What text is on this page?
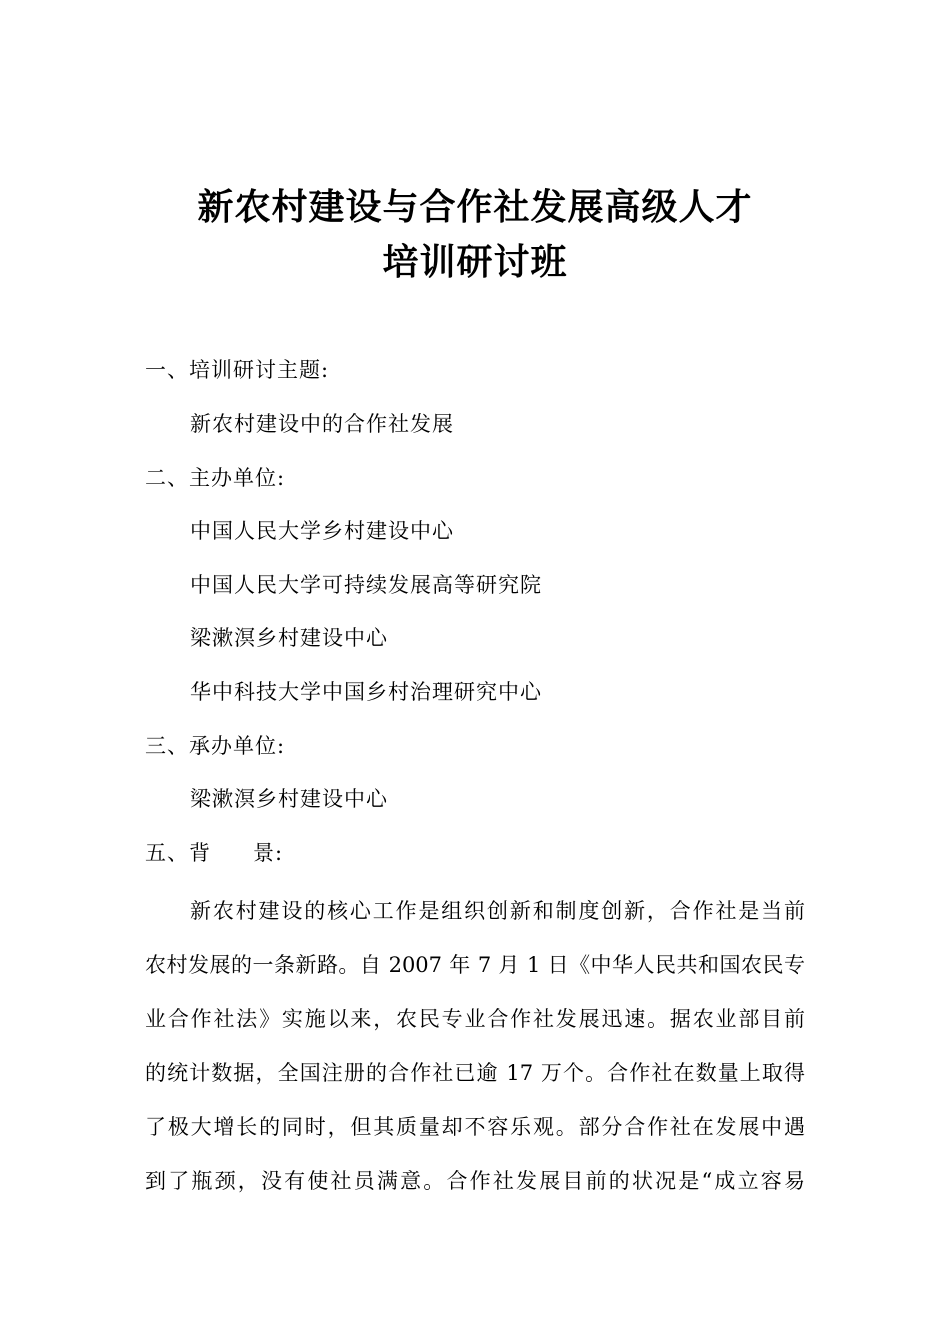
新农村建设与合作社发展高级人才
培训研讨班
一、培训研讨主题:
新农村建设中的合作社发展
二、主办单位:
中国人民大学乡村建设中心
中国人民大学可持续发展高等研究院
梁漱溟乡村建设中心
华中科技大学中国乡村治理研究中心
三、承办单位:
梁漱溟乡村建设中心
五、背 景:
新农村建设的核心工作是组织创新和制度创新，合作社是当前
农村发展的一条新路。自 2007 年 7 月 1 日《中华人民共和国农民专
业合作社法》实施以来，农民专业合作社发展迅速。据农业部目前
的统计数据，全国注册的合作社已逾 17 万个。合作社在数量上取得
了极大增长的同时，但其质量却不容乐观。部分合作社在发展中遇
到了瓶颈，没有使社员满意。合作社发展目前的状况是“成立容易
